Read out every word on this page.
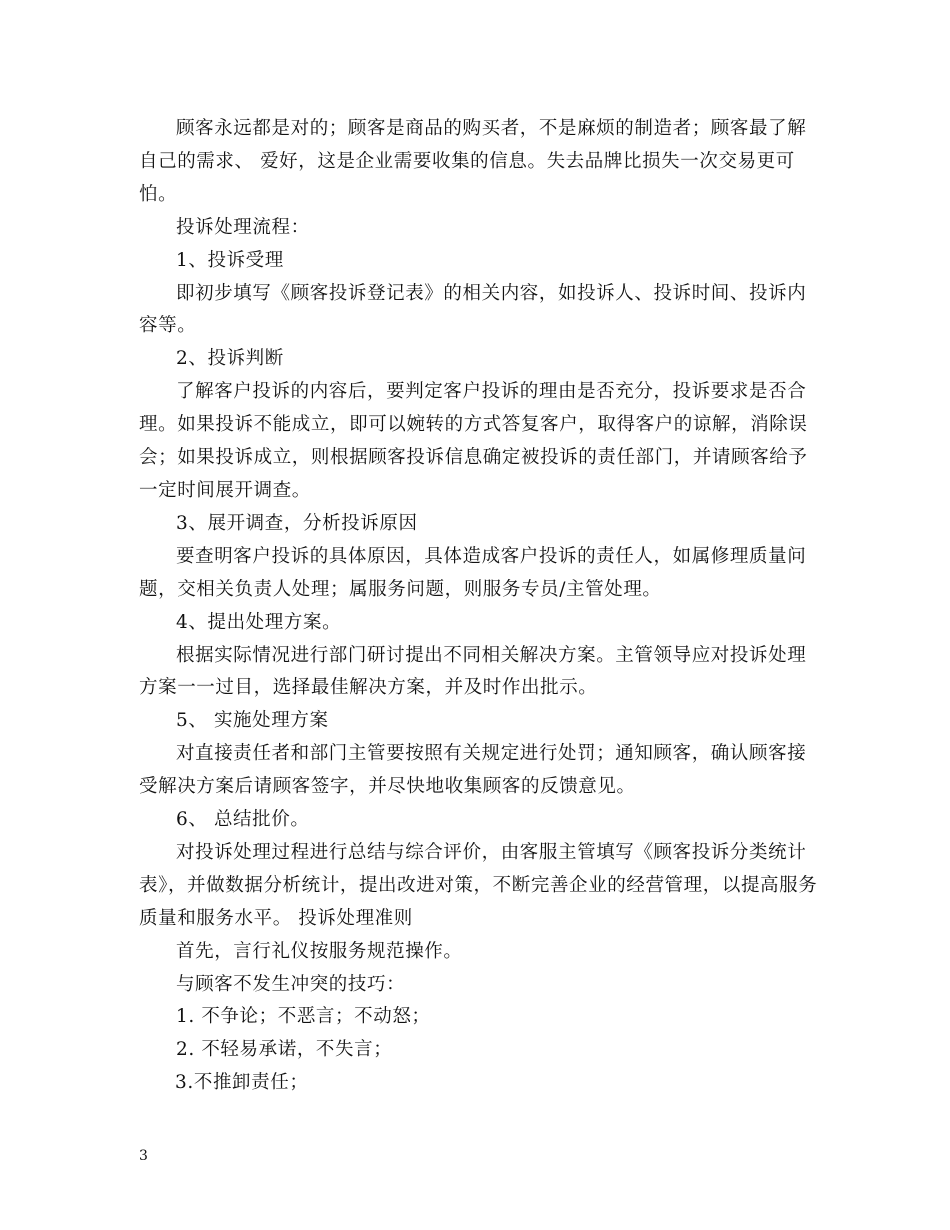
顾客永远都是对的；顾客是商品的购买者，不是麻烦的制造者；顾客最了解自己的需求、 爱好，这是企业需要收集的信息。失去品牌比损失一次交易更可怕。

投诉处理流程：

1、投诉受理

即初步填写《顾客投诉登记表》的相关内容，如投诉人、投诉时间、投诉内容等。

2、投诉判断

了解客户投诉的内容后，要判定客户投诉的理由是否充分，投诉要求是否合理。如果投诉不能成立，即可以婉转的方式答复客户，取得客户的谅解，消除误会；如果投诉成立，则根据顾客投诉信息确定被投诉的责任部门，并请顾客给予一定时间展开调查。

3、展开调查，分析投诉原因

要查明客户投诉的具体原因，具体造成客户投诉的责任人，如属修理质量问题，交相关负责人处理；属服务问题，则服务专员/主管处理。

4、提出处理方案。

根据实际情况进行部门研讨提出不同相关解决方案。主管领导应对投诉处理方案一一过目，选择最佳解决方案，并及时作出批示。

5、 实施处理方案

对直接责任者和部门主管要按照有关规定进行处罚；通知顾客，确认顾客接受解决方案后请顾客签字，并尽快地收集顾客的反馈意见。

6、 总结批价。

对投诉处理过程进行总结与综合评价，由客服主管填写《顾客投诉分类统计表》，并做数据分析统计，提出改进对策，不断完善企业的经营管理，以提高服务质量和服务水平。 投诉处理准则

首先，言行礼仪按服务规范操作。

与顾客不发生冲突的技巧：

1. 不争论；不恶言；不动怒；

2. 不轻易承诺，不失言；

3.不推卸责任；

3
